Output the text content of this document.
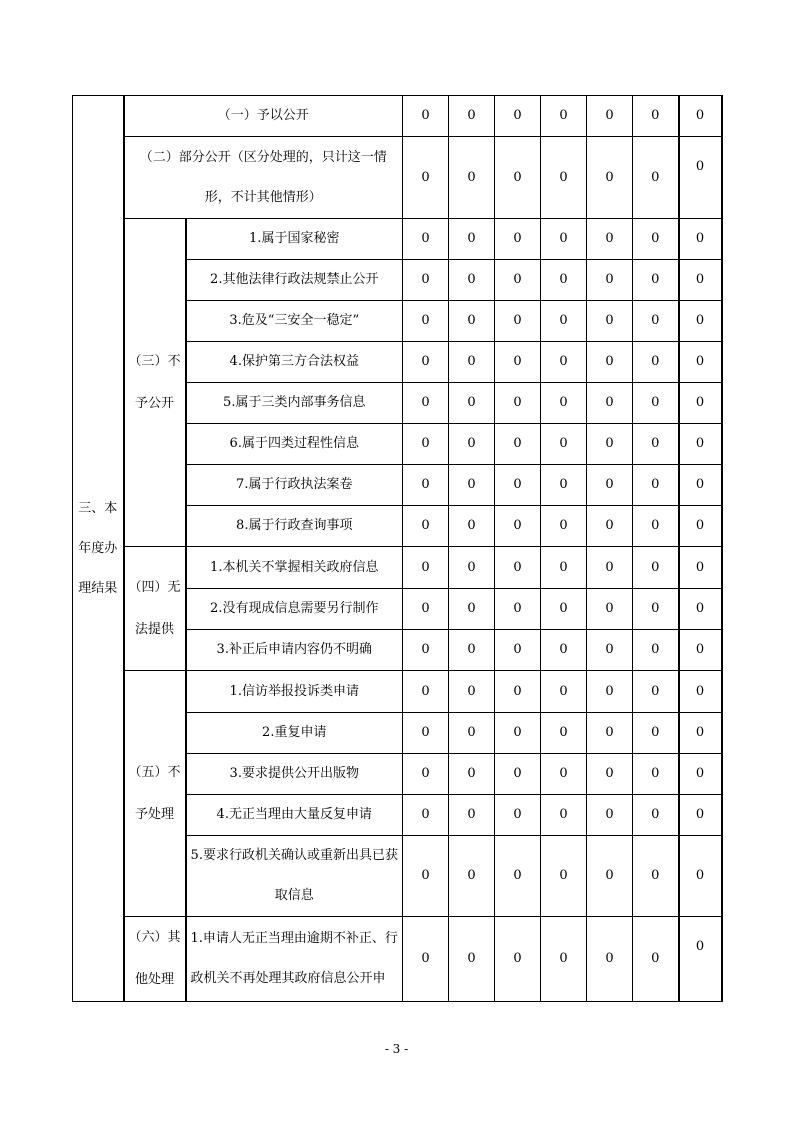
三、本年度办理结果	（一）予以公开		0	0	0	0	0	0	0

	（二）部分公开（区分处理的，只计这一情形，不计其他情形）		0	0	0	0	0	0	0

	（三）不予公开	1.属于国家秘密	0	0	0	0	0	0	0
		2.其他法律行政法规禁止公开	0	0	0	0	0	0	0
		3.危及“三安全一稳定”	0	0	0	0	0	0	0
		4.保护第三方合法权益	0	0	0	0	0	0	0
		5.属于三类内部事务信息	0	0	0	0	0	0	0
		6.属于四类过程性信息	0	0	0	0	0	0	0
		7.属于行政执法案卷	0	0	0	0	0	0	0
		8.属于行政查询事项	0	0	0	0	0	0	0

	（四）无法提供	1.本机关不掌握相关政府信息	0	0	0	0	0	0	0
		2.没有现成信息需要另行制作	0	0	0	0	0	0	0
		3.补正后申请内容仍不明确	0	0	0	0	0	0	0

	（五）不予处理	1.信访举报投诉类申请	0	0	0	0	0	0	0
		2.重复申请	0	0	0	0	0	0	0
		3.要求提供公开出版物	0	0	0	0	0	0	0
		4.无正当理由大量反复申请	0	0	0	0	0	0	0

		5.要求行政机关确认或重新出具已获取信息	0	0	0	0	0	0	0

	（六）其他处理	1.申请人无正当理由逾期不补正、行政机关不再处理其政府信息公开申	0	0	0	0	0	0	0
- 3 -
